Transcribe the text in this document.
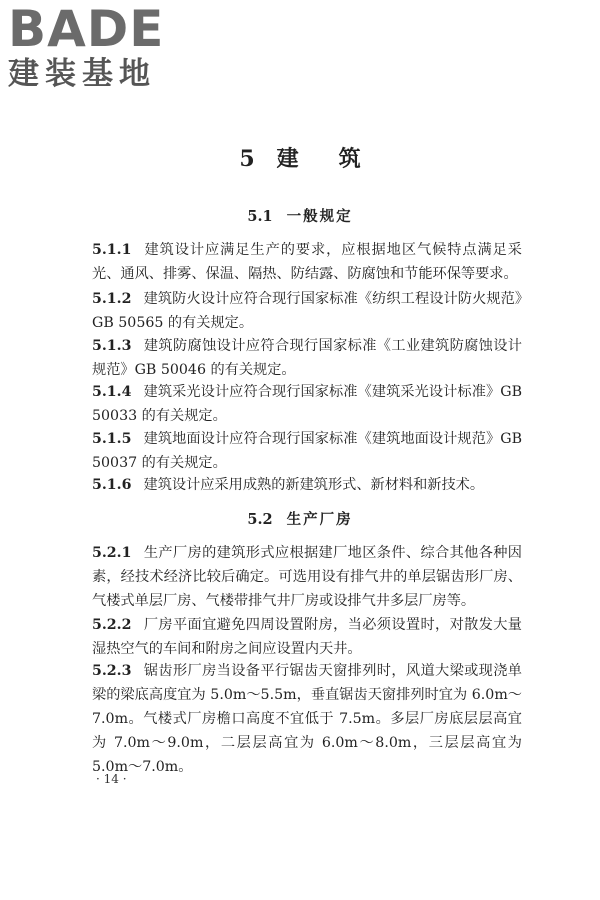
BADE
建装基地
5 建 筑
5.1 一般规定
5.1.1 建筑设计应满足生产的要求，应根据地区气候特点满足采光、通风、排雾、保温、隔热、防结露、防腐蚀和节能环保等要求。
5.1.2 建筑防火设计应符合现行国家标准《纺织工程设计防火规范》GB 50565 的有关规定。
5.1.3 建筑防腐蚀设计应符合现行国家标准《工业建筑防腐蚀设计规范》GB 50046 的有关规定。
5.1.4 建筑采光设计应符合现行国家标准《建筑采光设计标准》GB 50033 的有关规定。
5.1.5 建筑地面设计应符合现行国家标准《建筑地面设计规范》GB 50037 的有关规定。
5.1.6 建筑设计应采用成熟的新建筑形式、新材料和新技术。
5.2 生产厂房
5.2.1 生产厂房的建筑形式应根据建厂地区条件、综合其他各种因素，经技术经济比较后确定。可选用设有排气井的单层锯齿形厂房、气楼式单层厂房、气楼带排气井厂房或设排气井多层厂房等。
5.2.2 厂房平面宜避免四周设置附房，当必须设置时，对散发大量湿热空气的车间和附房之间应设置内天井。
5.2.3 锯齿形厂房当设备平行锯齿天窗排列时，风道大梁或现浇单梁的梁底高度宜为 5.0m～5.5m，垂直锯齿天窗排列时宜为 6.0m～7.0m。气楼式厂房檐口高度不宜低于 7.5m。多层厂房底层层高宜为 7.0m～9.0m，二层层高宜为 6.0m～8.0m，三层层高宜为 5.0m～7.0m。
· 14 ·
